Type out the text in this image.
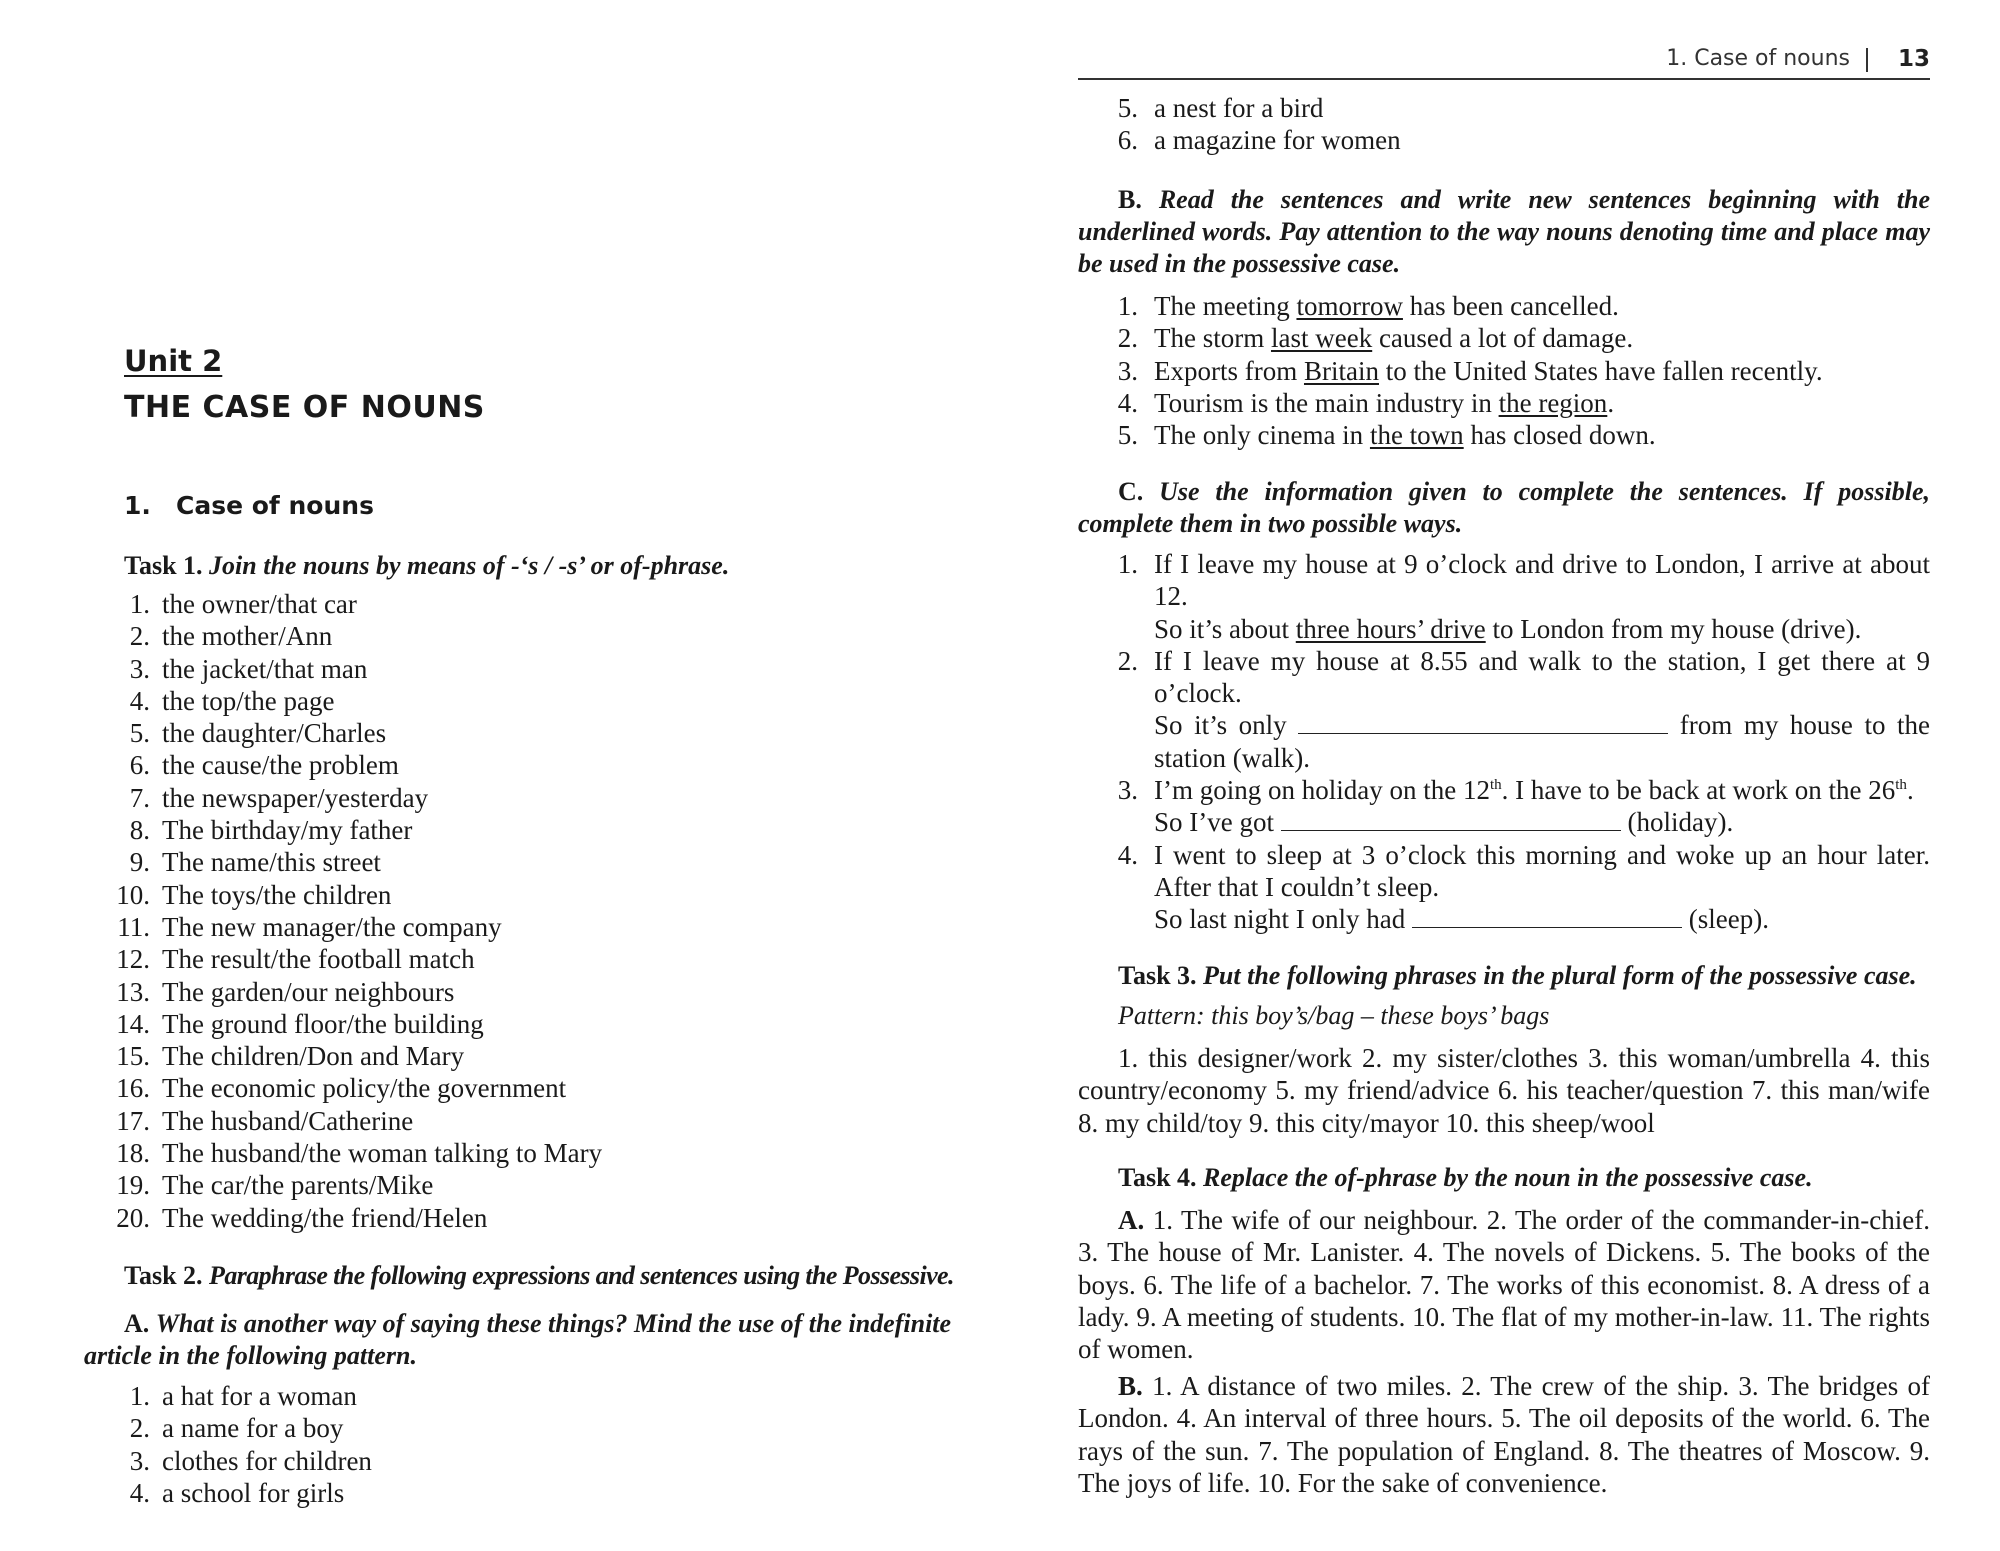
Unit 2
THE CASE OF NOUNS
1. Case of nouns

Task 1. Join the nouns by means of -‘s / -s’ or of-phrase.

1. the owner/that car
2. the mother/Ann
3. the jacket/that man
4. the top/the page
5. the daughter/Charles
6. the cause/the problem
7. the newspaper/yesterday
8. The birthday/my father
9. The name/this street
10. The toys/the children
11. The new manager/the company
12. The result/the football match
13. The garden/our neighbours
14. The ground floor/the building
15. The children/Don and Mary
16. The economic policy/the government
17. The husband/Catherine
18. The husband/the woman talking to Mary
19. The car/the parents/Mike
20. The wedding/the friend/Helen

Task 2. Paraphrase the following expressions and sentences using the Possessive.

A. What is another way of saying these things? Mind the use of the indefinite article in the following pattern.

1. a hat for a woman
2. a name for a boy
3. clothes for children
4. a school for girls
1. Case of nouns 13
5. a nest for a bird
6. a magazine for women

B. Read the sentences and write new sentences beginning with the underlined words. Pay attention to the way nouns denoting time and place may be used in the possessive case.

1. The meeting tomorrow has been cancelled.
2. The storm last week caused a lot of damage.
3. Exports from Britain to the United States have fallen recently.
4. Tourism is the main industry in the region.
5. The only cinema in the town has closed down.

C. Use the information given to complete the sentences. If possible, complete them in two possible ways.

1. If I leave my house at 9 o’clock and drive to London, I arrive at about 12.
So it’s about three hours’ drive to London from my house (drive).
2. If I leave my house at 8.55 and walk to the station, I get there at 9 o’clock.
So it’s only	from my house to the station (walk).
3. I’m going on holiday on the 12th. I have to be back at work on the 26th.
So I’ve got	(holiday).
4. I went to sleep at 3 o’clock this morning and woke up an hour later. After that I couldn’t sleep.
So last night I only had	(sleep).

Task 3. Put the following phrases in the plural form of the possessive case.

Pattern: this boy’s/bag – these boys’ bags

1. this designer/work 2. my sister/clothes 3. this woman/umbrella 4. this country/economy 5. my friend/advice 6. his teacher/question 7. this man/wife 8. my child/toy 9. this city/mayor 10. this sheep/wool

Task 4. Replace the of-phrase by the noun in the possessive case.

A. 1. The wife of our neighbour. 2. The order of the commander-in-chief. 3. The house of Mr. Lanister. 4. The novels of Dickens. 5. The books of the boys. 6. The life of a bachelor. 7. The works of this economist. 8. A dress of a lady. 9. A meeting of students. 10. The flat of my mother-in-law. 11. The rights of women.

B. 1. A distance of two miles. 2. The crew of the ship. 3. The bridges of London. 4. An interval of three hours. 5. The oil deposits of the world. 6. The rays of the sun. 7. The population of England. 8. The theatres of Moscow. 9. The joys of life. 10. For the sake of convenience.
